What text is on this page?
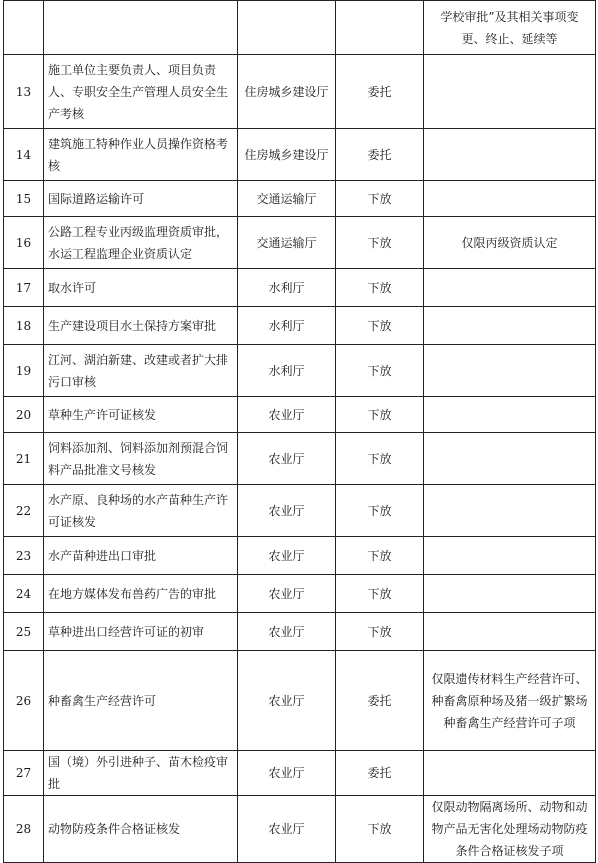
				学校审批”及其相关事项变更、终止、延续等
13	施工单位主要负责人、项目负责人、专职安全生产管理人员安全生产考核	住房城乡建设厅	委托	
14	建筑施工特种作业人员操作资格考核	住房城乡建设厅	委托	
15	国际道路运输许可	交通运输厅	下放	
16	公路工程专业丙级监理资质审批，水运工程监理企业资质认定	交通运输厅	下放	仅限丙级资质认定
17	取水许可	水利厅	下放	
18	生产建设项目水土保持方案审批	水利厅	下放	
19	江河、湖泊新建、改建或者扩大排污口审核	水利厅	下放	
20	草种生产许可证核发	农业厅	下放	
21	饲料添加剂、饲料添加剂预混合饲料产品批准文号核发	农业厅	下放	
22	水产原、良种场的水产苗种生产许可证核发	农业厅	下放	
23	水产苗种进出口审批	农业厅	下放	
24	在地方媒体发布兽药广告的审批	农业厅	下放	
25	草种进出口经营许可证的初审	农业厅	下放	
26	种畜禽生产经营许可	农业厅	委托	仅限遗传材料生产经营许可、种畜禽原种场及猪一级扩繁场种畜禽生产经营许可子项
27	国（境）外引进种子、苗木检疫审批	农业厅	委托	
28	动物防疫条件合格证核发	农业厅	下放	仅限动物隔离场所、动物和动物产品无害化处理场动物防疫条件合格证核发子项
